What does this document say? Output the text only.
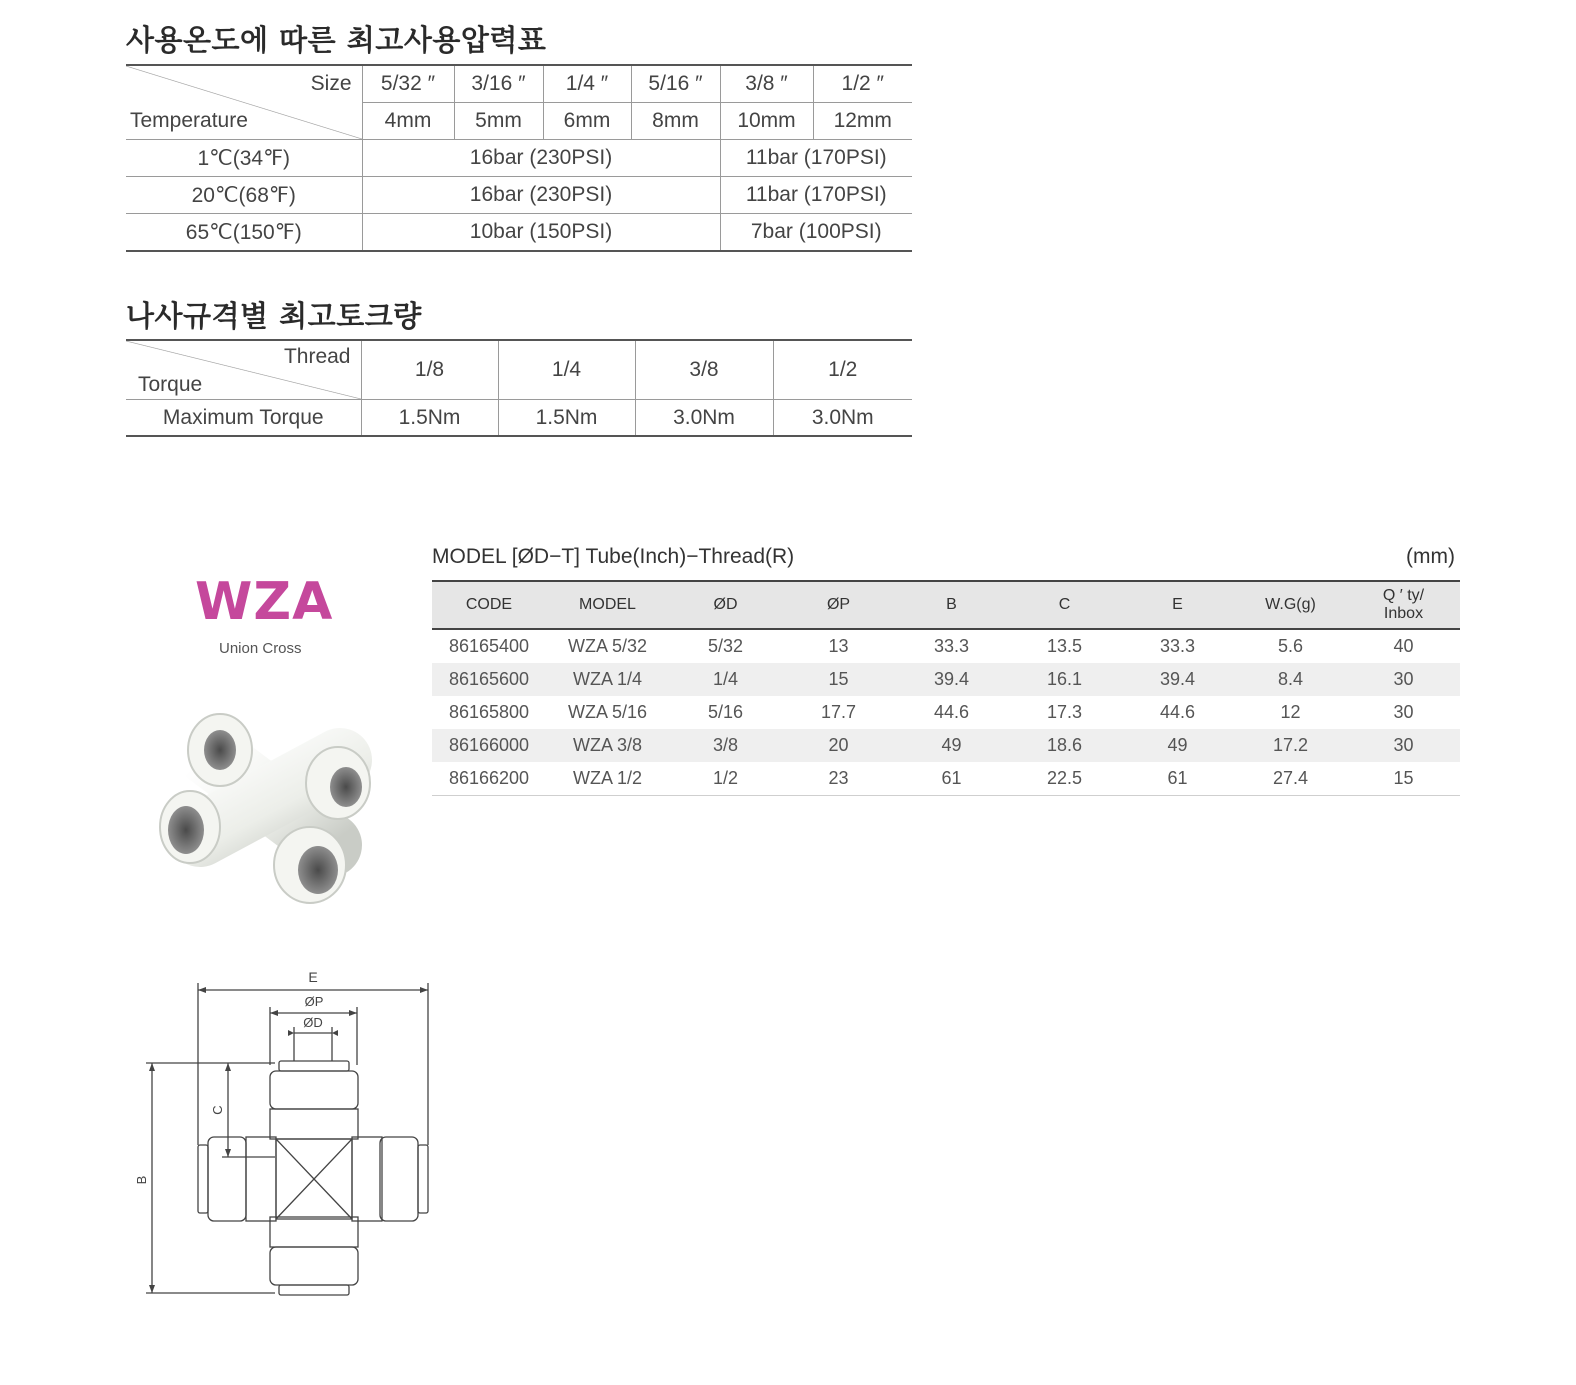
사용온도에 따른 최고사용압력표
Size
Temperature	5/32 ″	3/16 ″	1/4 ″	5/16 ″	3/8 ″	1/2 ″
	4mm	5mm	6mm	8mm	10mm	12mm
1℃(34℉)	16bar (230PSI)				11bar (170PSI)	
20℃(68℉)	16bar (230PSI)				11bar (170PSI)	
65℃(150℉)	10bar (150PSI)				7bar (100PSI)	
나사규격별 최고토크량
Thread
Torque	1/8	1/4	3/8	1/2
Maximum Torque	1.5Nm	1.5Nm	3.0Nm	3.0Nm
WZA
Union Cross
E
ØP
ØD
C
B
MODEL [ØD−T] Tube(Inch)−Thread(R)	(mm)
CODE	MODEL	ØD	ØP	B	C	E	W.G(g)	Q ′ ty/
Inbox
86165400	WZA 5/32	5/32	13	33.3	13.5	33.3	5.6	40
86165600	WZA 1/4	1/4	15	39.4	16.1	39.4	8.4	30
86165800	WZA 5/16	5/16	17.7	44.6	17.3	44.6	12	30
86166000	WZA 3/8	3/8	20	49	18.6	49	17.2	30
86166200	WZA 1/2	1/2	23	61	22.5	61	27.4	15
